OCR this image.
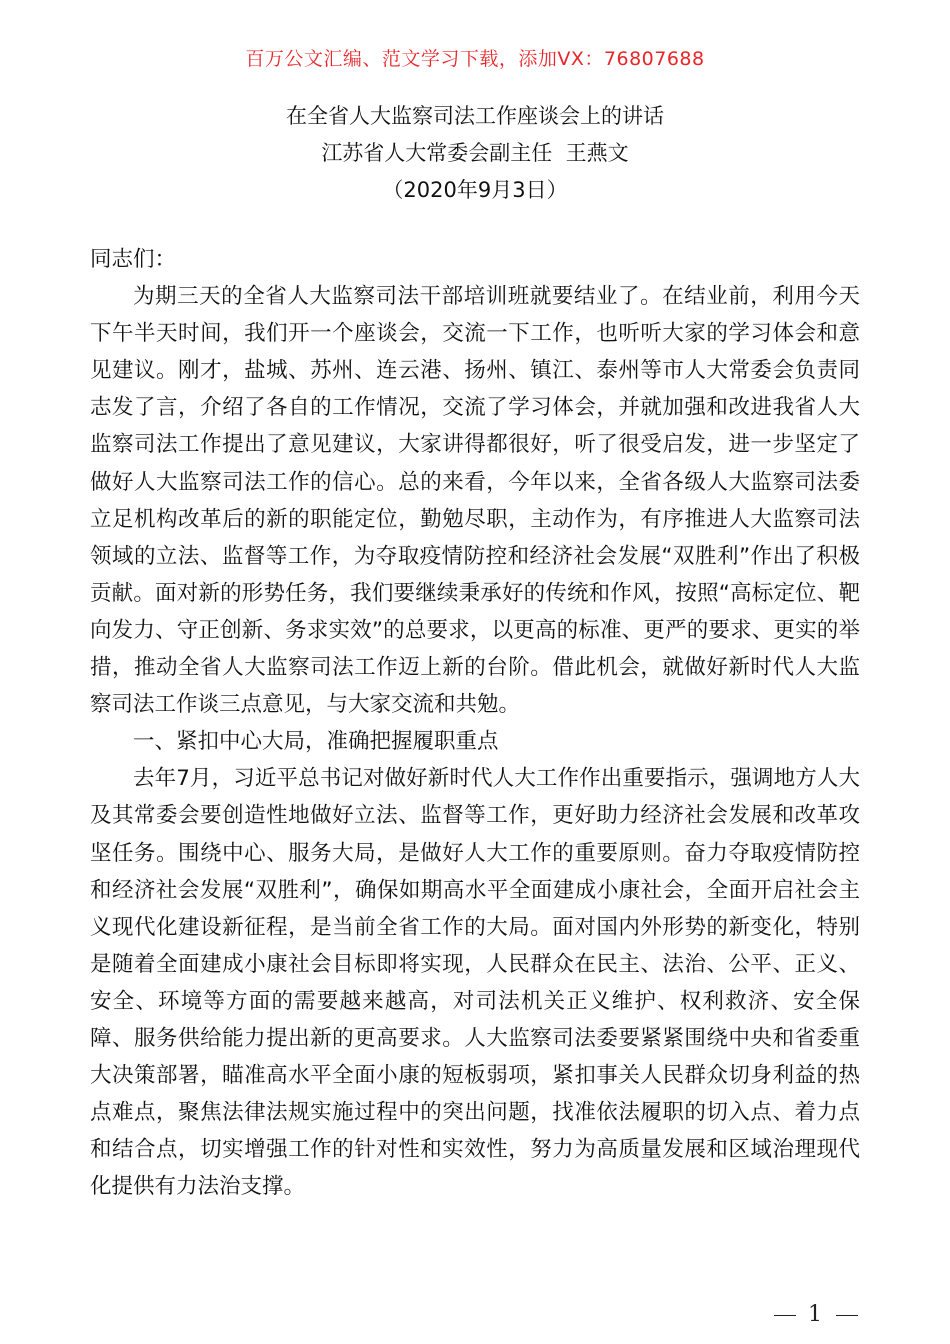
百万公文汇编、范文学习下载，添加VX：76807688
在全省人大监察司法工作座谈会上的讲话
江苏省人大常委会副主任  王燕文
（2020年9月3日）

同志们：

为期三天的全省人大监察司法干部培训班就要结业了。在结业前，利用今天下午半天时间，我们开一个座谈会，交流一下工作，也听听大家的学习体会和意见建议。刚才，盐城、苏州、连云港、扬州、镇江、泰州等市人大常委会负责同志发了言，介绍了各自的工作情况，交流了学习体会，并就加强和改进我省人大监察司法工作提出了意见建议，大家讲得都很好，听了很受启发，进一步坚定了做好人大监察司法工作的信心。总的来看，今年以来，全省各级人大监察司法委立足机构改革后的新的职能定位，勤勉尽职，主动作为，有序推进人大监察司法领域的立法、监督等工作，为夺取疫情防控和经济社会发展“双胜利”作出了积极贡献。面对新的形势任务，我们要继续秉承好的传统和作风，按照“高标定位、靶向发力、守正创新、务求实效”的总要求，以更高的标准、更严的要求、更实的举措，推动全省人大监察司法工作迈上新的台阶。借此机会，就做好新时代人大监察司法工作谈三点意见，与大家交流和共勉。

一、紧扣中心大局，准确把握履职重点

去年7月，习近平总书记对做好新时代人大工作作出重要指示，强调地方人大及其常委会要创造性地做好立法、监督等工作，更好助力经济社会发展和改革攻坚任务。围绕中心、服务大局，是做好人大工作的重要原则。奋力夺取疫情防控和经济社会发展“双胜利”，确保如期高水平全面建成小康社会，全面开启社会主义现代化建设新征程，是当前全省工作的大局。面对国内外形势的新变化，特别是随着全面建成小康社会目标即将实现，人民群众在民主、法治、公平、正义、安全、环境等方面的需要越来越高，对司法机关正义维护、权利救济、安全保障、服务供给能力提出新的更高要求。人大监察司法委要紧紧围绕中央和省委重大决策部署，瞄准高水平全面小康的短板弱项，紧扣事关人民群众切身利益的热点难点，聚焦法律法规实施过程中的突出问题，找准依法履职的切入点、着力点和结合点，切实增强工作的针对性和实效性，努力为高质量发展和区域治理现代化提供有力法治支撑。

1
